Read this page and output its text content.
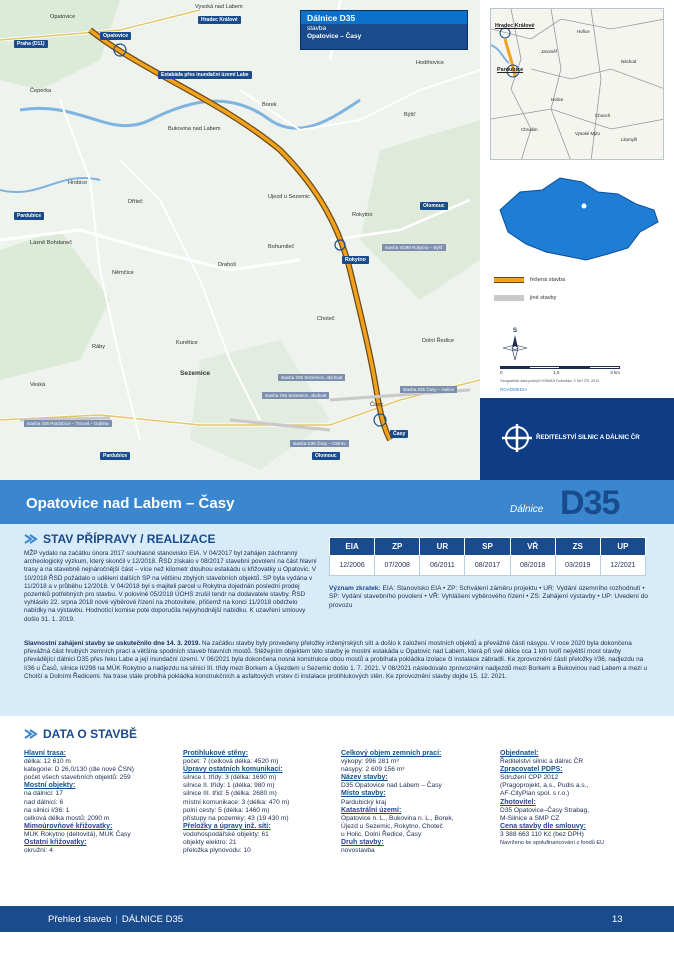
Opatovice
Vysoká nad Labem
Čeperka
Hrobice
Dříteč
Němčice
Lázně Bohdaneč
Bukovina nad Labem
Borek
Býšť
Ujezd u Sezemic
Bohumileč
Rokytno
Drahoš
Choteč
Kunětice
Sezemice
Časy
Dolní Ředice
Ráby
Veská
Hodětovice
Hradec Králové
Praha (D11)
Opatovice
Estakáda přes inundační území Labe
Pardubice
Olomouc
Rokytno
stavba II/298 Rokytno – Býšť
stavba I/36 Sezemice, obchvat
stavba I/36 Sezemice, obchvat
stavba I/35 Časy – Holice
Časy
stavba I/36 Pardubice – Trnová – Dubina
stavba D35 Časy – Ostrov
Pardubice	Olomouc
Dálnice D35
stavba
Opatovice – Časy
Hradec Králové
Pardubice
Hořice
Jaroměř
Náchod
Holice
Chrudim
Vysoké Mýto
Litomyšl
Choceň
řešená stavba
jiné stavby
S
0	1,5	3 km
Geografické data poskytl VGHMÚř Dobruška, © MO ČR, 2013
ROADMEDIA
ŘEDITELSTVÍ SILNIC A DÁLNIC ČR
Opatovice nad Labem – Časy	Dálnice D35
STAV PŘÍPRAVY / REALIZACE
MŽP vydalo na začátku února 2017 souhlasné stanovisko EIA. V 04/2017 byl zahájen záchranný archeologický výzkum, který skončil v 12/2018. ŘSD získalo v 08/2017 stavební povolení na část hlavní trasy a na stavebně nejnáročnější část – více než kilometr dlouhou estakádu u křižovatky u Opatovic. V 10/2018 ŘSD požádalo o udělení dalších SP na většinu zbylých stavebních objektů. SP byla vydána v 11/2018 a v průběhu 12/2018. V 04/2018 byl s majiteli parcel u Rokytna dojednán poslední prodej pozemků potřebných pro stavbu. V polovině 05/2018 ÚOHS zrušil tendr na dodavatele stavby. ŘSD vyhlásilo 22. srpna 2018 nové výběrové řízení na zhotovitele, přičemž na konci 11/2018 obdrželo nabídky na výstavbu. Hodnotící komise poté doporučila nejvýhodnější nabídku. K uzavření smlouvy došlo 31. 1. 2019.
Slavnostní zahájení stavby se uskutečnilo dne 14. 3. 2019. Na začátku stavby byly provedeny přeložky inženýrských sítí a došlo k založení mostních objektů a převážné části násypu. V roce 2020 byla dokončena převážná část hrubých zemních prací a většina spodních staveb hlavních mostů. Stěžejním objektem této stavby je mostní estakáda u Opatovic nad Labem, která při své délce cca 1 km tvoří největší most stavby převádějící dálnici D35 přes řeku Labe a její inundační území. V 06/2021 byla dokončena nosná konstrukce obou mostů a probíhala pokládka izolace či instalace zábradlí. Ke zprovoznění části přeložky I/36, nadjezdu na I/36 u Časů, silnice II/298 na MÚK Rokytno a nadjezdu na silnici III. třídy mezi Borkem a Újezdem u Sezemic došlo 1. 7. 2021. V 08/2021 následovalo zprovoznění nadjezdů mezi Borkem a Bukovinou nad Labem a mezi u Chotčí a Dolními Ředicemi. Na trase stále probíhá pokládka konstrukčních a asfaltových vrstev či instalace protihlukových stěn. Ke zprovoznění stavby dojde 15. 12. 2021.
EIA	ZP	UR	SP	VŘ	ZS	UP
12/2006	07/2008	06/2011	08/2017	08/2018	03/2019	12/2021
Význam zkratek: EIA: Stanovisko EIA • ZP: Schválení záměru projektu • UR: Vydání územního rozhodnutí • SP: Vydání stavebního povolení • VŘ: Vyhlášení výběrového řízení • ZS: Zahájení výstavby • UP: Uvedení do provozu
DATA O STAVBĚ
Hlavní trasa:
délka: 12 610 m
kategorie: D 26,0/130 (dle nové ČSN)
počet všech stavebních objektů: 259
Mostní objekty:
na dálnici: 17
nad dálnicí: 6
na silnici I/36: 1
celková délka mostů: 2090 m
Mimoúrovňové křižovatky:
MÚK Rokytno (deltovitá), MÚK Časy
Ostatní křižovatky:
okružní: 4
Protihlukové stěny:
počet: 7 (celková délka: 4520 m)
Úpravy ostatních komunikací:
silnice I. třídy: 3 (délka: 1690 m)
silnice II. třídy: 1 (délka: 980 m)
silnice III. tříd: 5 (délka: 2680 m)
místní komunikace: 3 (délka: 470 m)
polní cesty: 5 (délka: 1460 m)
přístupy na pozemky: 43 (19 430 m)
Přeložky a úpravy inž. sítí:
vodohospodářské objekty: 61
objekty elektro: 21
přeložka plynovodu: 10
Celkový objem zemních prací:
výkopy: 996 281 m³
násypy: 2 609 156 m³
Název stavby:
D35 Opatovice nad Labem – Časy
Místo stavby:
Pardubický kraj
Katastrální území:
Opatovice n. L., Bukovina n. L., Borek,
Újezd u Sezemic, Rokytno, Choteč
u Holic, Dolní Ředice, Časy
Druh stavby:
novostavba
Objednatel:
Ředitelství silnic a dálnic ČR
Zpracovatel PDPS:
Sdružení CPP 2012
(Pragoprojekt, a.s., Pudis a.s.,
AF-CityPlan spol. s r.o.)
Zhotovitel:
D35 Opatovice–Časy Strabag,
M-Silnice a SMP CZ
Cena stavby dle smlouvy:
3 388 663 110 Kč (bez DPH)
Navrženo ke spolufinancování z fondů EU
Přehled staveb | DÁLNICE D35	13
